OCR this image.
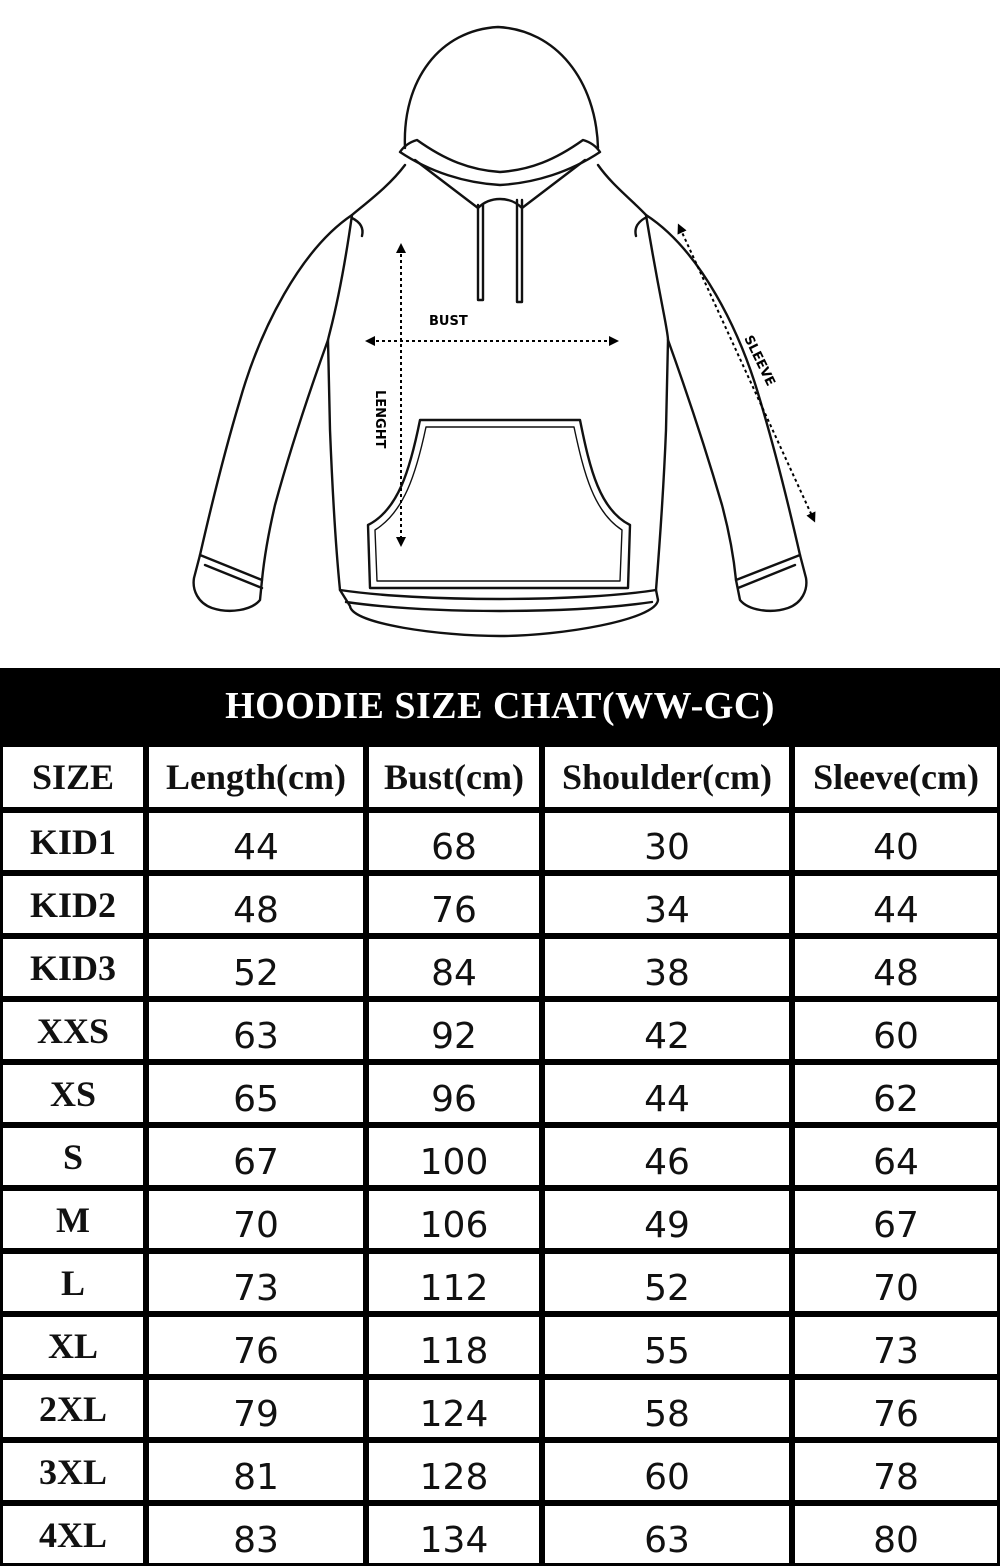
BUST
LENGHT
SLEEVE
HOODIE SIZE CHAT(WW-GC)				
SIZE	Length(cm)	Bust(cm)	Shoulder(cm)	Sleeve(cm)
KID1	44	68	30	40
KID2	48	76	34	44
KID3	52	84	38	48
XXS	63	92	42	60
XS	65	96	44	62
S	67	100	46	64
M	70	106	49	67
L	73	112	52	70
XL	76	118	55	73
2XL	79	124	58	76
3XL	81	128	60	78
4XL	83	134	63	80
